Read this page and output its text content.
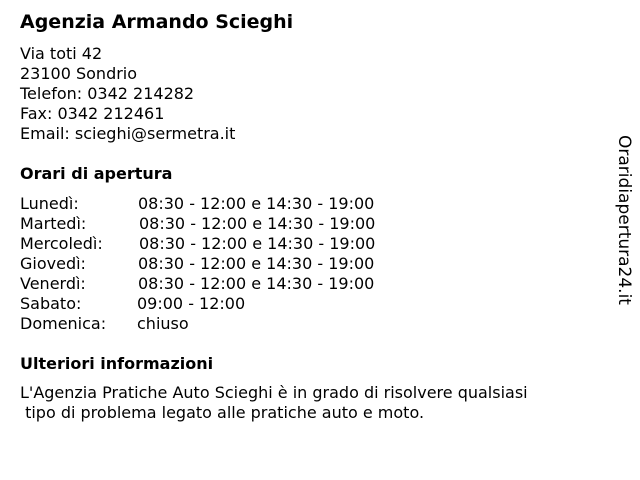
Agenzia Armando Scieghi
Via toti 42
23100 Sondrio
Telefon: 0342 214282
Fax: 0342 212461
Email: scieghi@sermetra.it
Orari di apertura
Lunedì:	08:30 - 12:00 e 14:30 - 19:00
Martedì:	08:30 - 12:00 e 14:30 - 19:00
Mercoledì: 08:30 - 12:00 e 14:30 - 19:00
Giovedì:	08:30 - 12:00 e 14:30 - 19:00
Venerdì:	08:30 - 12:00 e 14:30 - 19:00
Sabato:	09:00 - 12:00
Domenica: chiuso
Ulteriori informazioni
L'Agenzia Pratiche Auto Scieghi è in grado di risolvere qualsiasi
tipo di problema legato alle pratiche auto e moto.
Oraridiapertura24.it
